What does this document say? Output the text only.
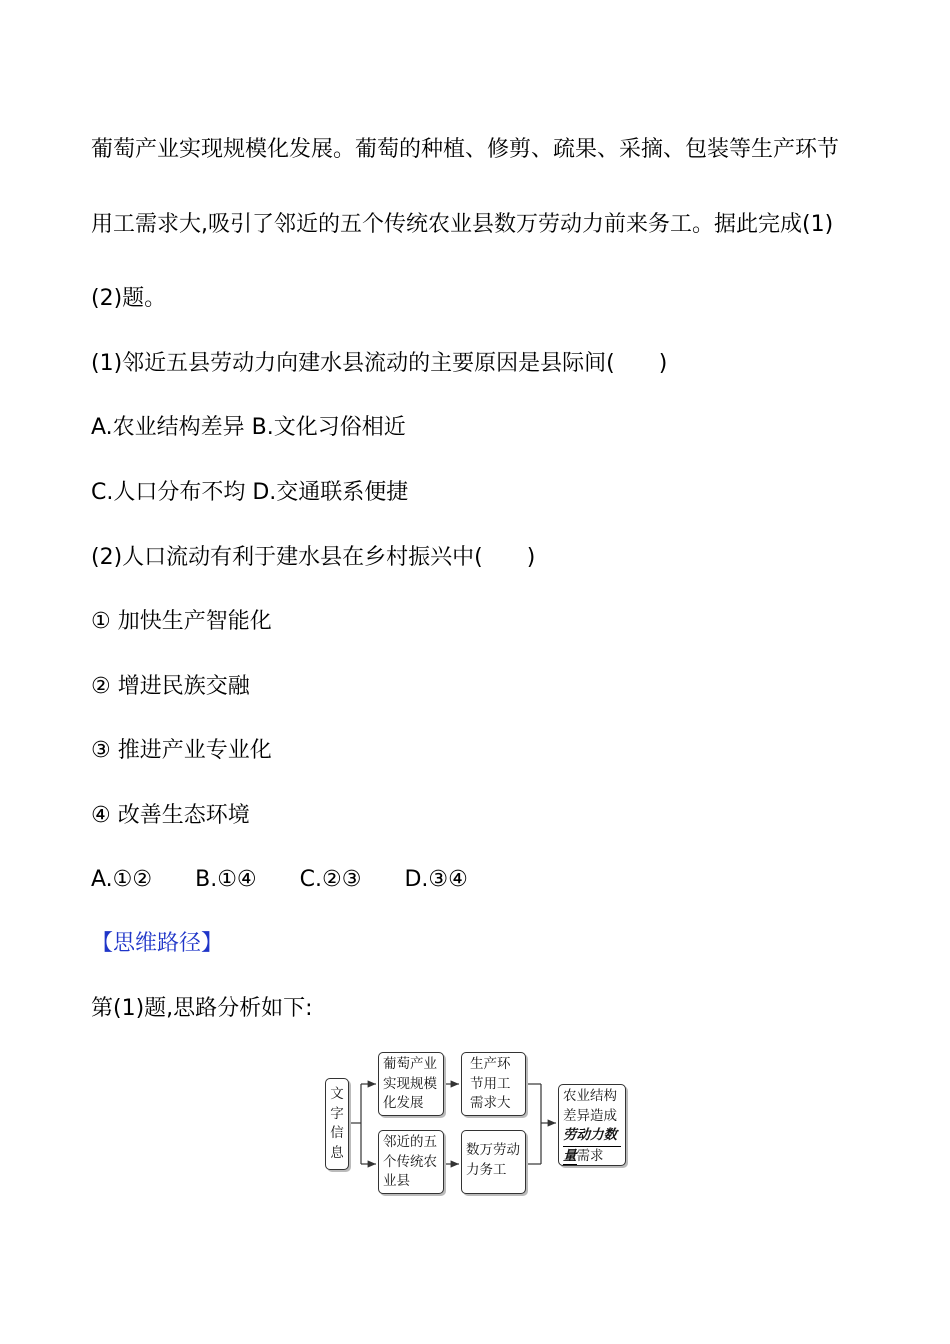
葡萄产业实现规模化发展。葡萄的种植、修剪、疏果、采摘、包装等生产环节
用工需求大,吸引了邻近的五个传统农业县数万劳动力前来务工。据此完成(1)
(2)题。
(1)邻近五县劳动力向建水县流动的主要原因是县际间(　　)
A.农业结构差异 B.文化习俗相近
C.人口分布不均 D.交通联系便捷
(2)人口流动有利于建水县在乡村振兴中(　　)
① 加快生产智能化
② 增进民族交融
③ 推进产业专业化
④ 改善生态环境
A.①② B.①④ C.②③ D.③④
【思维路径】
第(1)题,思路分析如下:
文
字
信
息
葡萄产业
实现规模
化发展
邻近的五
个传统农
业县
生产环
节用工
需求大
数万劳动
力务工
农业结构
差异造成
劳动力数
量需求
